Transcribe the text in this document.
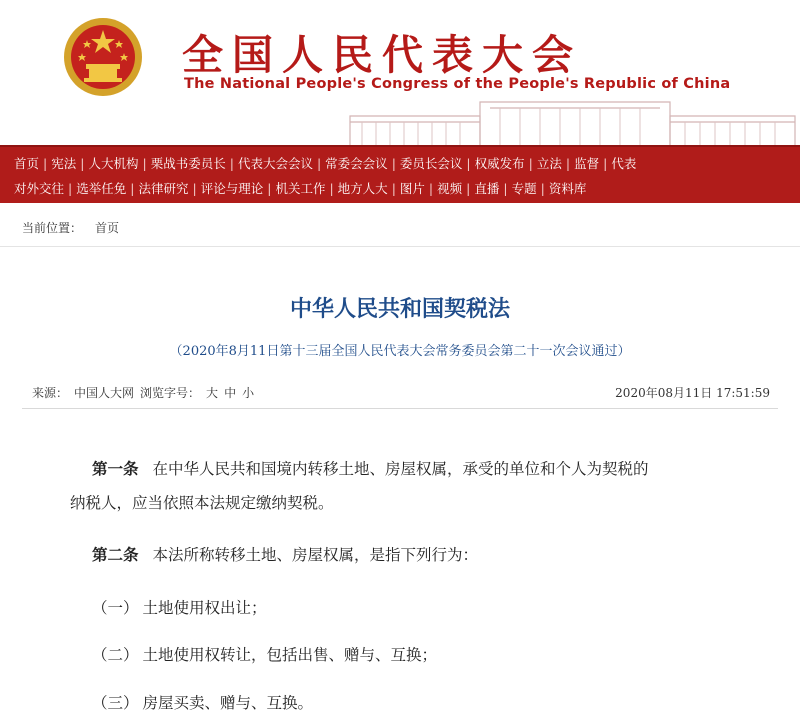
全国人民代表大会
The National People's Congress of the People's Republic of China
首页 | 宪法 | 人大机构 | 栗战书委员长 | 代表大会会议 | 常委会会议 | 委员长会议 | 权威发布 | 立法 | 监督 | 代表
对外交往 | 选举任免 | 法律研究 | 评论与理论 | 机关工作 | 地方人大 | 图片 | 视频 | 直播 | 专题 | 资料库
当前位置： 首页
中华人民共和国契税法
（2020年8月11日第十三届全国人民代表大会常务委员会第二十一次会议通过）
来源： 中国人大网 浏览字号： 大 中 小	2020年08月11日 17:51:59
第一条 在中华人民共和国境内转移土地、房屋权属，承受的单位和个人为契税的
纳税人，应当依照本法规定缴纳契税。
第二条 本法所称转移土地、房屋权属，是指下列行为：
（一） 土地使用权出让；
（二） 土地使用权转让，包括出售、赠与、互换；
（三） 房屋买卖、赠与、互换。
